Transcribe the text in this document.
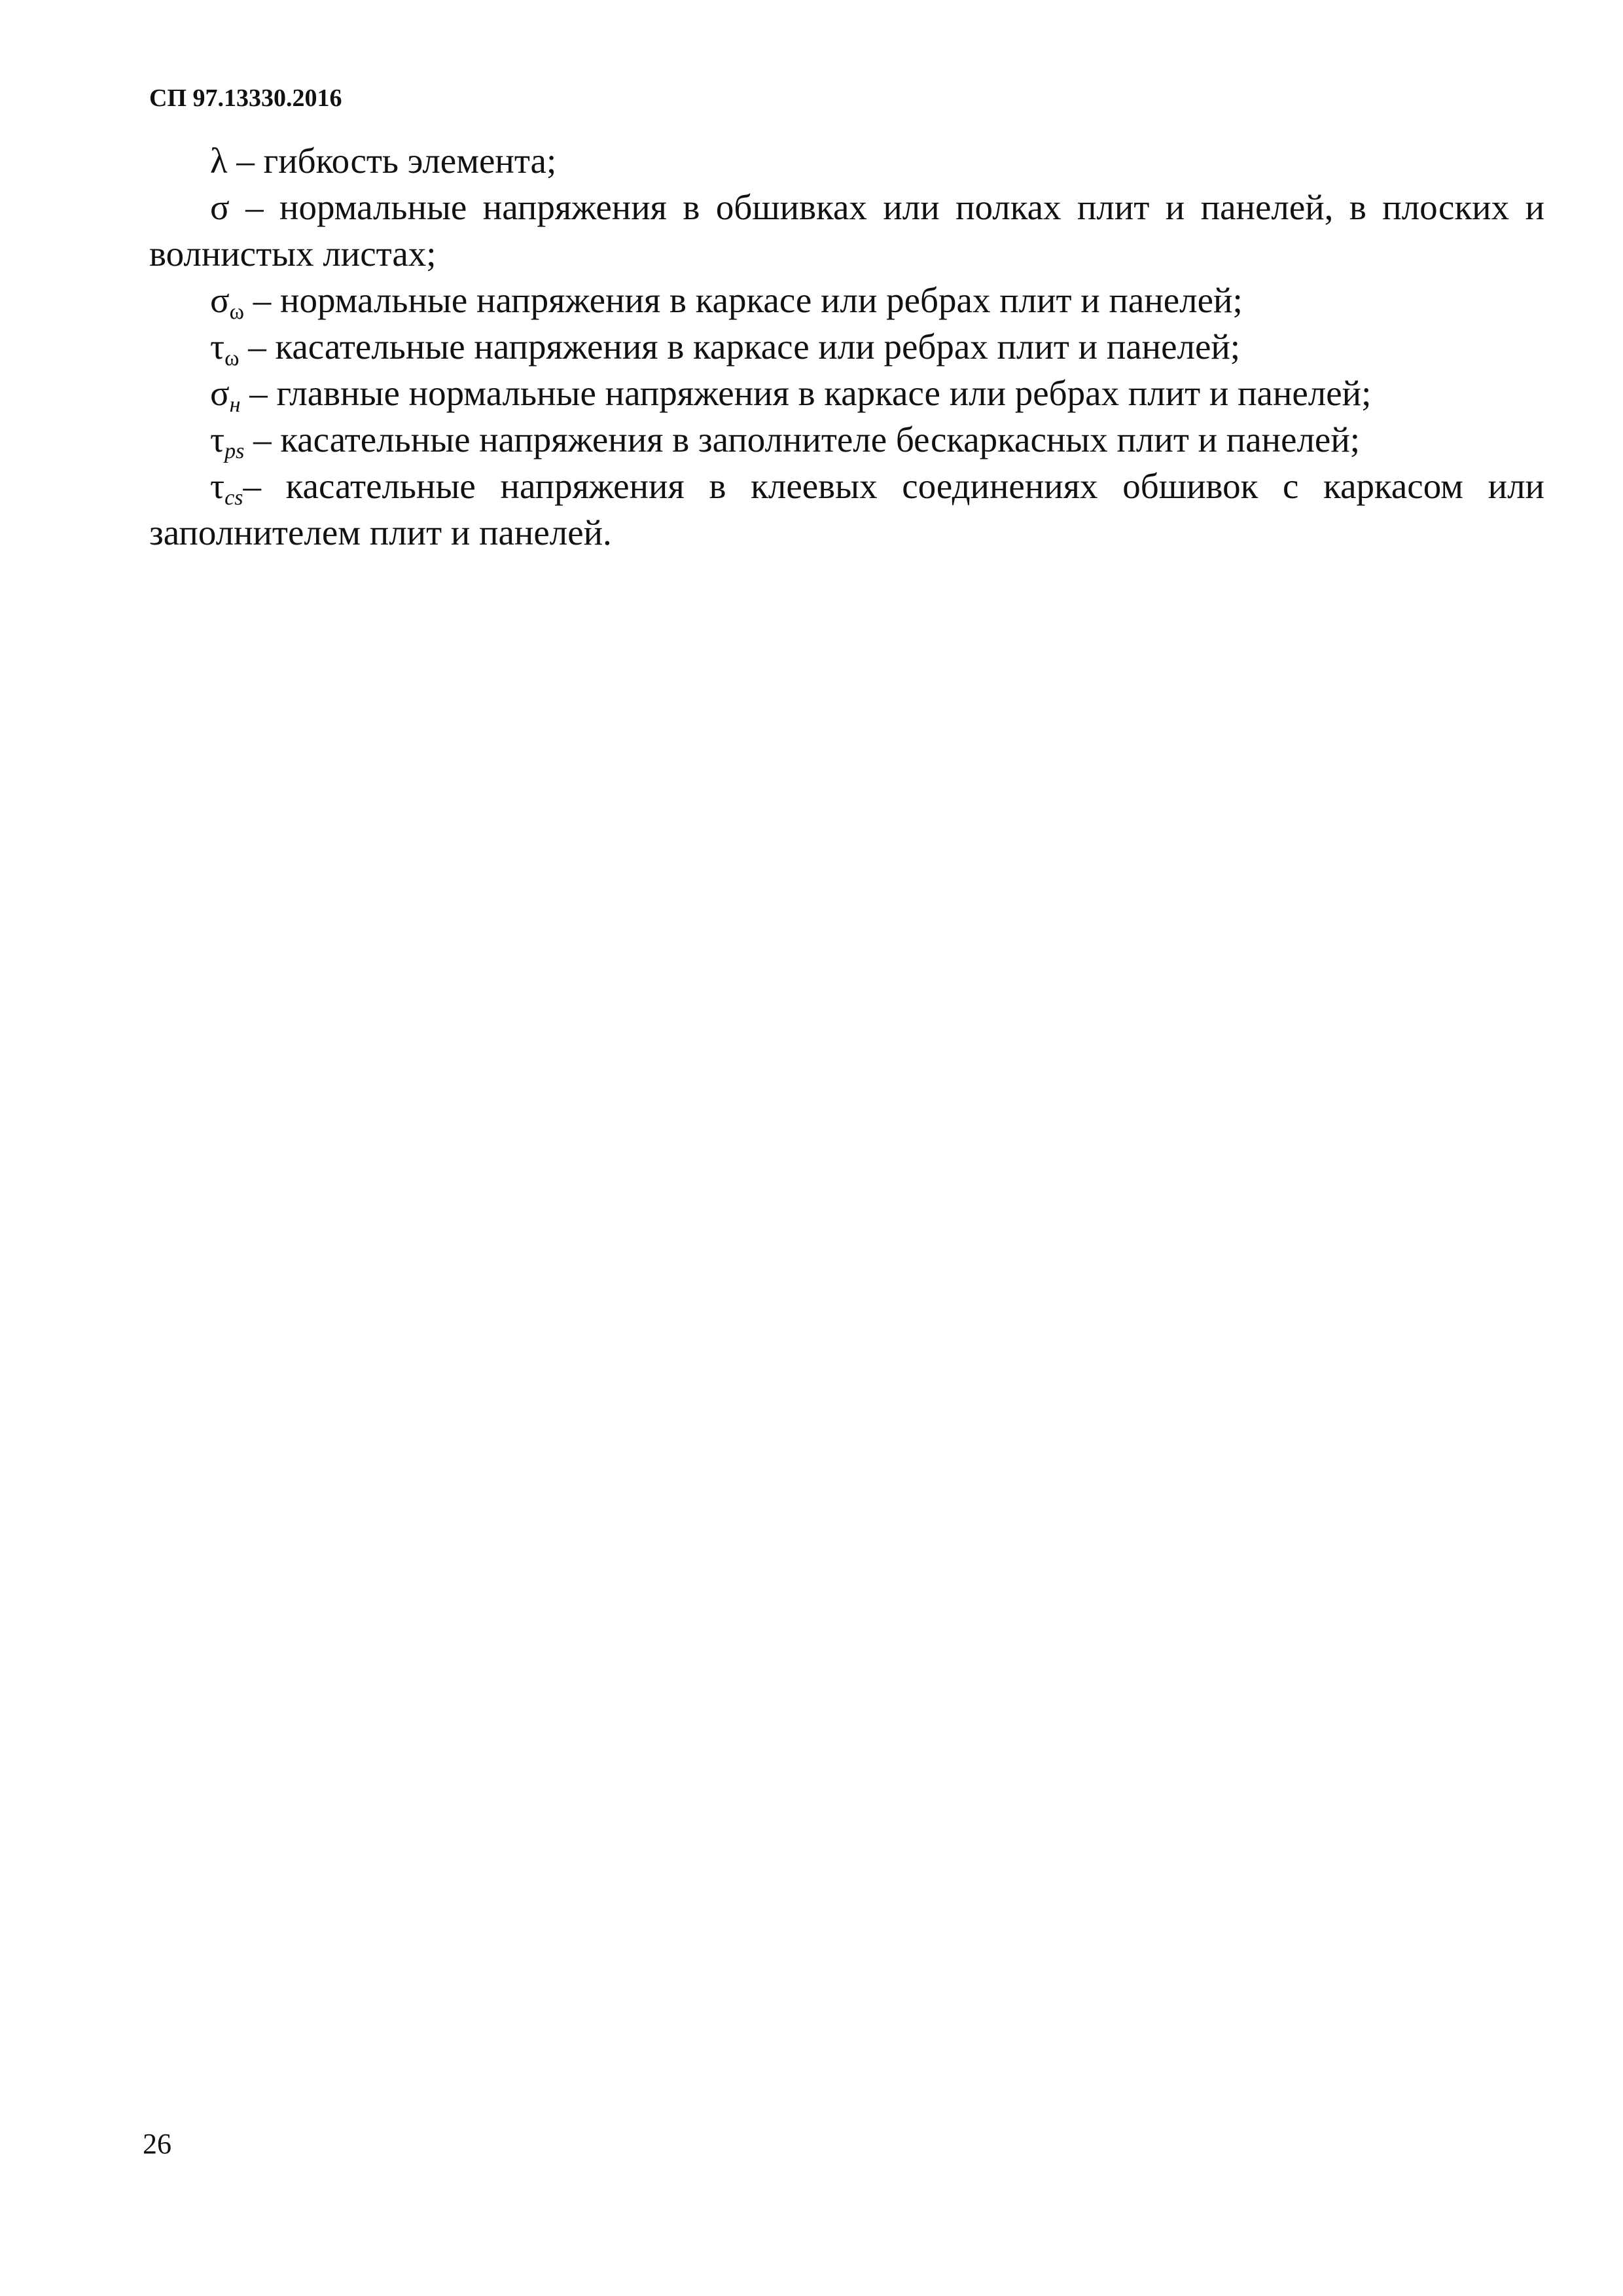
СП 97.13330.2016

λ – гибкость элемента;

σ – нормальные напряжения в обшивках или полках плит и панелей, в плоских и волнистых листах;

$\sigma_\omega$ – нормальные напряжения в каркасе или ребрах плит и панелей;

$\tau_\omega$ – касательные напряжения в каркасе или ребрах плит и панелей;

$\sigma_н$ – главные нормальные напряжения в каркасе или ребрах плит и панелей;

$\tau_{ps}$ – касательные напряжения в заполнителе бескаркасных плит и панелей;

$\tau_{cs}-$ касательные напряжения в клеевых соединениях обшивок с каркасом или заполнителем плит и панелей.

26
